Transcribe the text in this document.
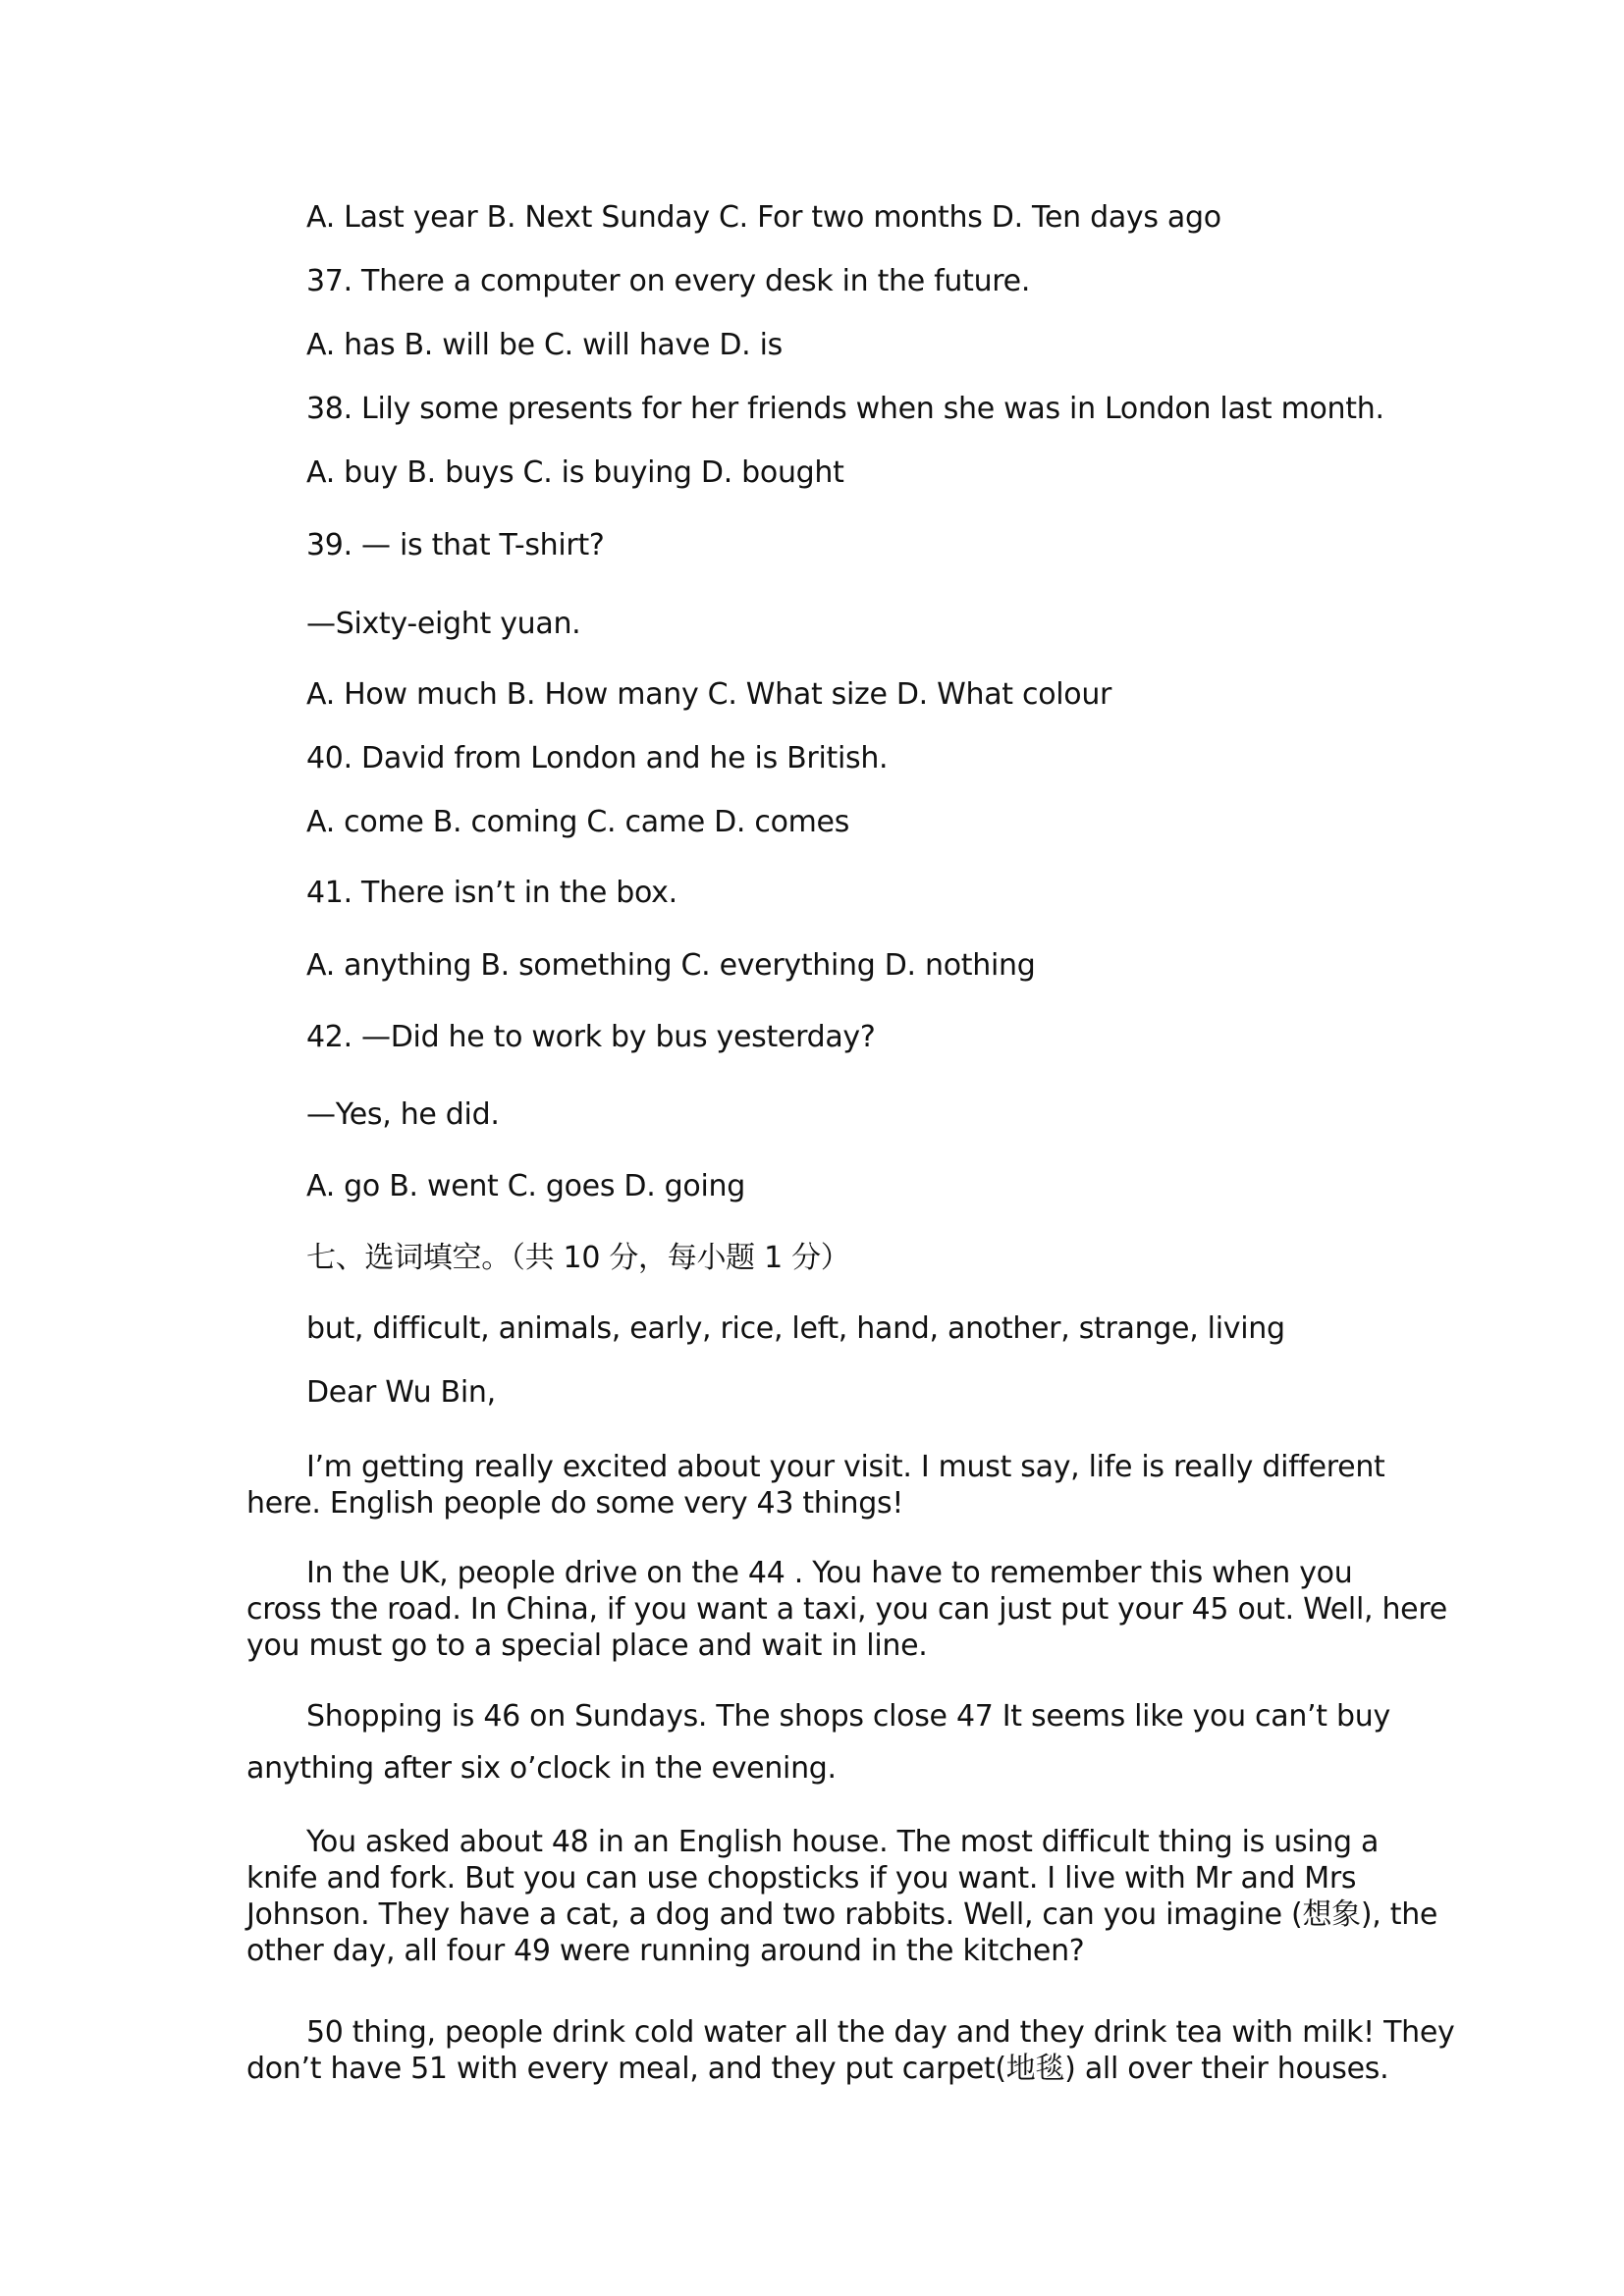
A. Last year B. Next Sunday C. For two months D. Ten days ago
37. There a computer on every desk in the future.
A. has B. will be C. will have D. is
38. Lily some presents for her friends when she was in London last month.
A. buy B. buys C. is buying D. bought
39. — is that T-shirt?
—Sixty-eight yuan.
A. How much B. How many C. What size D. What colour
40. David from London and he is British.
A. come B. coming C. came D. comes
41. There isn’t in the box.
A. anything B. something C. everything D. nothing
42. —Did he to work by bus yesterday?
—Yes, he did.
A. go B. went C. goes D. going
七、选词填空。（共 10 分，每小题 1 分）
but, difficult, animals, early, rice, left, hand, another, strange, living
Dear Wu Bin,
I’m getting really excited about your visit. I must say, life is really different
here. English people do some very 43 things!
In the UK, people drive on the 44 . You have to remember this when you
cross the road. In China, if you want a taxi, you can just put your 45 out. Well, here
you must go to a special place and wait in line.
Shopping is 46 on Sundays. The shops close 47 It seems like you can’t buy
anything after six o’clock in the evening.
You asked about 48 in an English house. The most difficult thing is using a
knife and fork. But you can use chopsticks if you want. I live with Mr and Mrs
Johnson. They have a cat, a dog and two rabbits. Well, can you imagine (想象), the
other day, all four 49 were running around in the kitchen?
50 thing, people drink cold water all the day and they drink tea with milk! They
don’t have 51 with every meal, and they put carpet(地毯) all over their houses.
